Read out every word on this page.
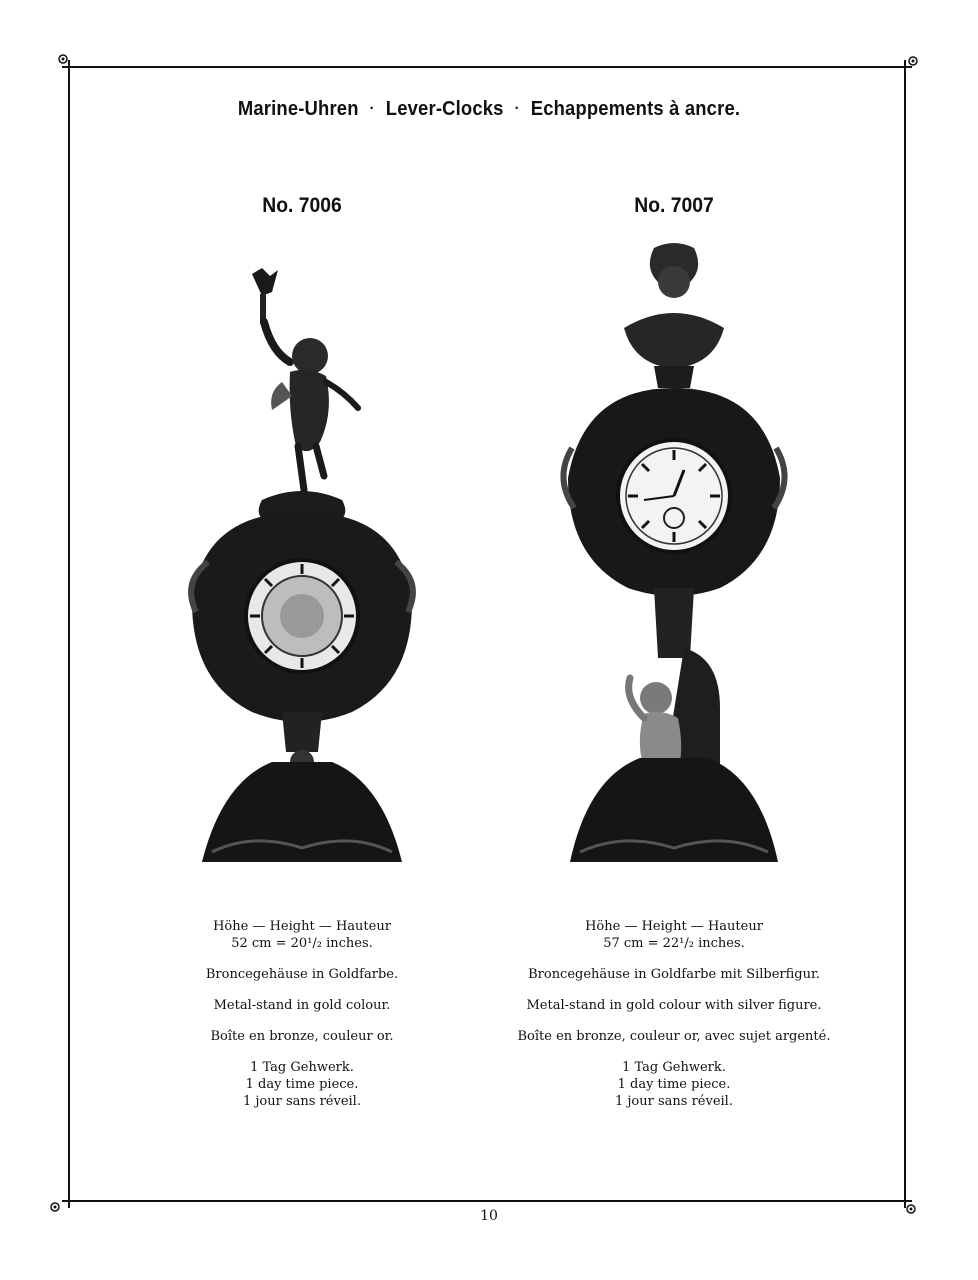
Marine-Uhren · Lever-Clocks · Echappements à ancre.
No. 7006

Höhe — Height — Hauteur

52 cm = 20¹/₂ inches.

Broncegehäuse in Goldfarbe.

Metal-stand in gold colour.

Boîte en bronze, couleur or.

1 Tag Gehwerk.

1 day time piece.

1 jour sans réveil.

No. 7007

Höhe — Height — Hauteur

57 cm = 22¹/₂ inches.

Broncegehäuse in Goldfarbe mit Silberfigur.

Metal-stand in gold colour with silver figure.

Boîte en bronze, couleur or, avec sujet argenté.

1 Tag Gehwerk.

1 day time piece.

1 jour sans réveil.

10
